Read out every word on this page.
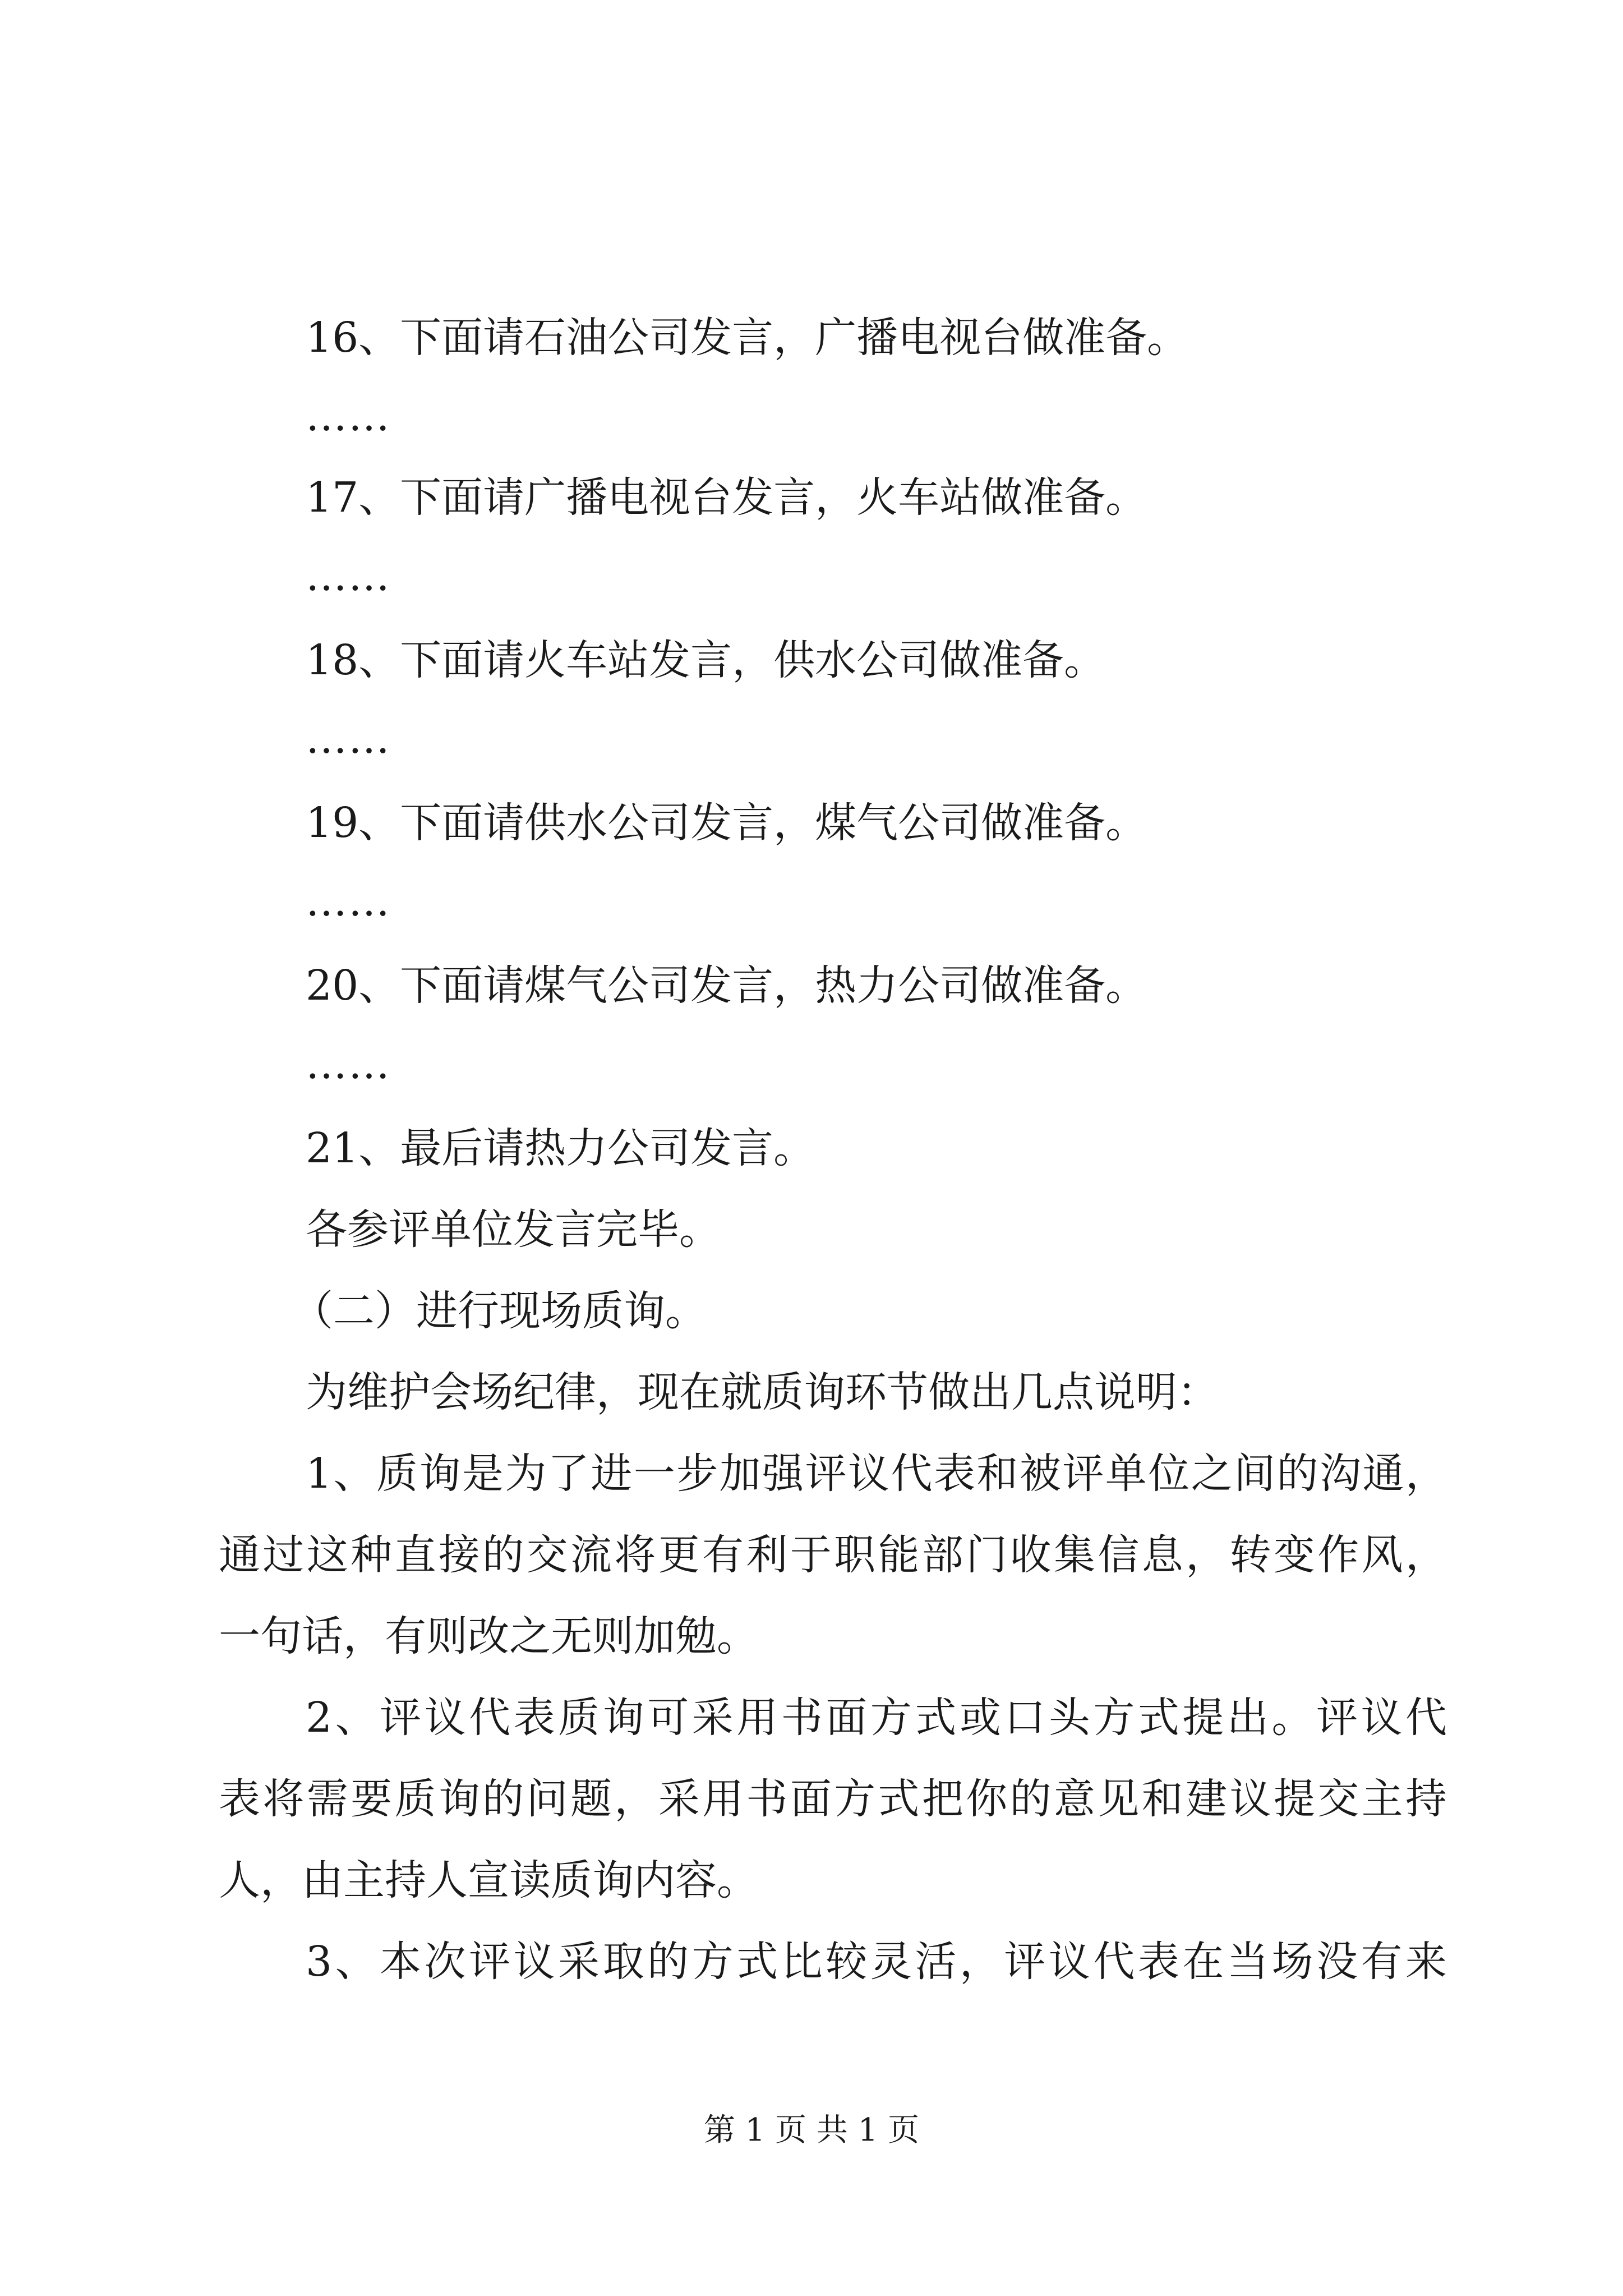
16、下面请石油公司发言，广播电视台做准备。
……
17、下面请广播电视台发言，火车站做准备。
……
18、下面请火车站发言，供水公司做准备。
……
19、下面请供水公司发言，煤气公司做准备。
……
20、下面请煤气公司发言，热力公司做准备。
……
21、最后请热力公司发言。
各参评单位发言完毕。
（二）进行现场质询。
为维护会场纪律，现在就质询环节做出几点说明：
1、质询是为了进一步加强评议代表和被评单位之间的沟通，
通过这种直接的交流将更有利于职能部门收集信息，转变作风，
一句话，有则改之无则加勉。
2、评议代表质询可采用书面方式或口头方式提出。评议代
表将需要质询的问题，采用书面方式把你的意见和建议提交主持
人，由主持人宣读质询内容。
3、本次评议采取的方式比较灵活，评议代表在当场没有来
第 1 页 共 1 页
